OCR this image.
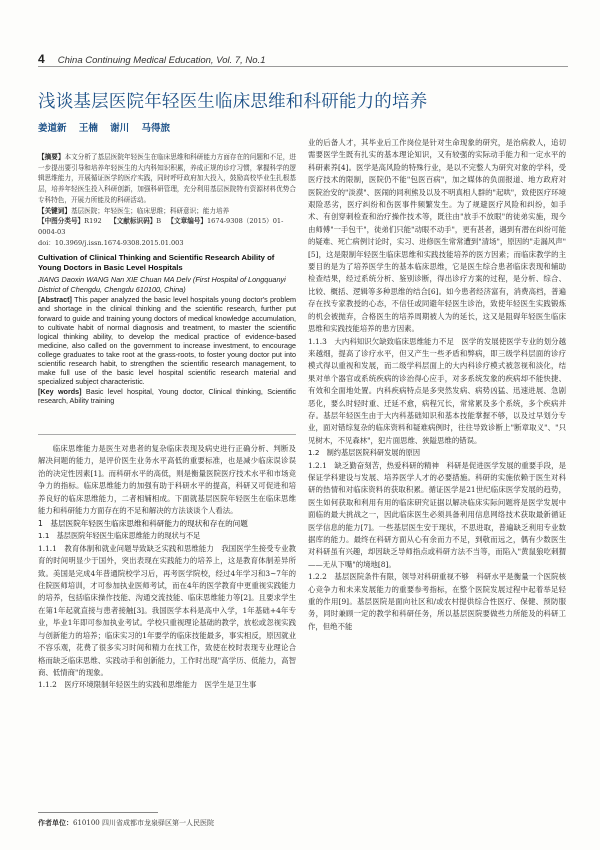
4 China Continuing Medical Education, Vol. 7, No.1
浅谈基层医院年轻医生临床思维和科研能力的培养
姜道新 王楠 谢川 马得旅
【摘要】本文分析了基层医院年轻医生在临床思维和科研能力方面存在的问题和不足，进一步提出要引导和培养年轻医生的大内科知识积累，养成正规的诊疗习惯，掌握科学的逻辑思维能力，开展循证医学的医疗实践，同时呼吁政府加大投入，鼓励高校毕业生扎根基层，培养年轻医生投入科研创新，加强科研管理，充分利用基层医院特有资源材料优势合专科特色，开展力所能及的科研活动。
【关键词】基层医院；年轻医生；临床思维；科研意识；能力培养
【中图分类号】R192 【文献标识码】B 【文章编号】1674-9308（2015）01-0004-03
doi：10.3969/j.issn.1674-9308.2015.01.003
Cultivation of Clinical Thinking and Scientific Research Ability of Young Doctors in Basic Level Hospitals
JIANG Daoxin WANG Nan XIE Chuan MA Delv (First Hospital of Longquanyi District of Chengdu, Chengdu 610100, China)
[Abstract] This paper analyzed the basic level hospitals young doctor's problem and shortage in the clinical thinking and the scientific research, further put forward to guide and training young doctors of medical knowledge accumulation, to cultivate habit of normal diagnosis and treatment, to master the scientific logical thinking ability, to develop the medical practice of evidence-based medicine, also called on the government to increase investment, to encourage college graduates to take root at the grass-roots, to foster young doctor put into scientific research habit, to strengthen the scientific research management, to make full use of the basic level hospital scientific research material and specialized subject characteristic.
[Key words] Basic level hospital, Young doctor, Clinical thinking, Scientific research, Ability training

临床思维能力是医生对患者的复杂临床表现及病史进行正确分析、判断及解决问题的能力，是评价医生业务水平高低的重要标准，也是减少临床误诊误治的决定性因素[1]。而科研水平的高低，则是衡量医院医疗技术水平和市场竞争力的指标。临床思维能力的加强有助于科研水平的提高，科研又可促进和培养良好的临床思维能力，二者相辅相成。下面就基层医院年轻医生在临床思维能力和科研能力方面存在的不足和解决的方法谈谈个人看法。

1　基层医院年轻医生临床思维和科研能力的现状和存在的问题

1.1　基层医院年轻医生临床思维能力的现状与不足

1.1.1　教育体制和就业问题导致缺乏实践和思维能力　我国医学生接受专业教育的时间明显少于国外，突出表现在实践能力的培养上，这是教育体制差异所致。美国是完成4年普通院校学习后，再考医学院校，经过4年学习和3~7年的住院医师培训，才可参加执业医师考试，而在4年的医学教育中更重视实践能力的培养，包括临床操作技能、沟通交流技能、临床思维能力等[2]。且要求学生在第1年起就直接与患者接触[3]。我国医学本科是高中入学，1年基础+4年专业，毕业1年即可参加执业考试。学校只重视理论基础的教学，放松或忽视实践与创新能力的培养；临床实习的1年要学的临床技能最多，事实相反，原因就业不容乐观，花费了很多实习时间和精力在找工作，致使在校时表现专业理论合格而缺乏临床思维、实践动手和创新能力，工作时出现"高学历、低能力，高智商、低情商"的现象。

1.1.2　医疗环境限制年轻医生的实践和思维能力　医学生是卫生事

业的后备人才，其毕业后工作岗位是针对生命现象的研究，是治病救人，追切需要医学生既有扎实的基本理论知识，又有较强的实际动手能力和一定水平的科研素养[4]。医学是高风险的特殊行业，是以不完整人为研究对象的学科，受医疗技术的限制，医院仍不能"包医百病"，加之媒体的负面报道、地方政府对医院治安的"淡漠"、医闹的同利熊及以及不明真相人群的"起哄"，致使医疗环境艰险恶劣，医疗纠纷和伤医事件频繁发生。为了规避医疗风险和纠纷，如手术、有创穿刺检查和治疗操作技术等，既往由"放手不放眼"的徒弟实施，现今由师傅"一手包干"，徒弟们只能"动眼不动手"，更有甚者，遇到有潜在纠纷可能的疑难、死亡病例讨论时，实习、进修医生常常遭到"清场"，原因的"走漏风声"[5]，这是限制年轻医生临床思维和实践技能培养的医方因素；而临床教学的主要目的是为了培养医学生的基本临床思维，它是医生综合患者临床表现和辅助检查结果，经过系统分析、鉴别诊断，得出诊疗方案的过程，是分析、综合、比较、概括、逻辑等多种思维的结合[6]。如今患者经济富有，消费高档，普遍存在找专家教授的心态，不信任或同避年轻医生诊治，致使年轻医生实践锻炼的机会被抛弃，合格医生的培养周期被人为的延长，这又是阻碍年轻医生临床思维和实践技能培养的患方因素。

1.1.3　大内科知识欠缺致临床思维能力不足　医学的发展使医学专业的划分越来越细，提高了诊疗水平，但又产生一些矛盾和弊病，即三级学科层面的诊疗模式得以重视和发展，而二级学科层面上的大内科诊疗模式被忽视和淡化，结果对单个器官或系统疾病的诊治得心应手，对多系统发象的疾病却不能快捷、有效和全面地处置。内科疾病特点是多突然发病、病势凶猛、迅速进展、急剧恶化，要么时轻时重、迁延不愈，病程冗长，常常累及多个系统，多个疾病并存。基层年轻医生由于大内科基础知识和基本技能掌握不够，以及过早划分专业，面对错综复杂的临床资料和疑难病例时，往往导致诊断上"断章取义"、"只见树木，不见森林"，犯片面思维、狭隘思维的错误。

1.2　制约基层医院科研发展的原因

1.2.1　缺乏勤奋刻苦，热爱科研的精神　科研是促进医学发展的重要手段，是保证学科建设与发展、培养医学人才的必要措施。科研的实施依赖于医生对科研的热情和对临床资料的获取积累。循证医学是21世纪临床医学发展的趋势，医生如何获取和利用有用的临床研究证据以解决临床实际问题将是医学发展中面临的最大挑战之一，因此临床医生必须具备利用信息网络技术获取最新循证医学信息的能力[7]。一些基层医生安于现状，不思进取，普遍缺乏利用专业数据库的能力。最终在科研方面从心有余而力不足，到敬而远之，偶有少数医生对科研虽有兴趣，却因缺乏导师指点或科研方法不当等，而陷入"黄鼠狼吃刺猬——无从下嘴"的境地[8]。

1.2.2　基层医院条件有限，领导对科研重视不够　科研水平是衡量一个医院核心竞争力和未来发展能力的重要参考指标，在整个医院发展过程中起着举足轻重的作用[9]。基层医院是面向社区和/或农村提供综合性医疗、保健、预防服务，同时兼顾一定的教学和科研任务，所以基层医院要做些力所能及的科研工作，但绝不能

作者单位：610100 四川省成都市龙泉驿区第一人民医院
